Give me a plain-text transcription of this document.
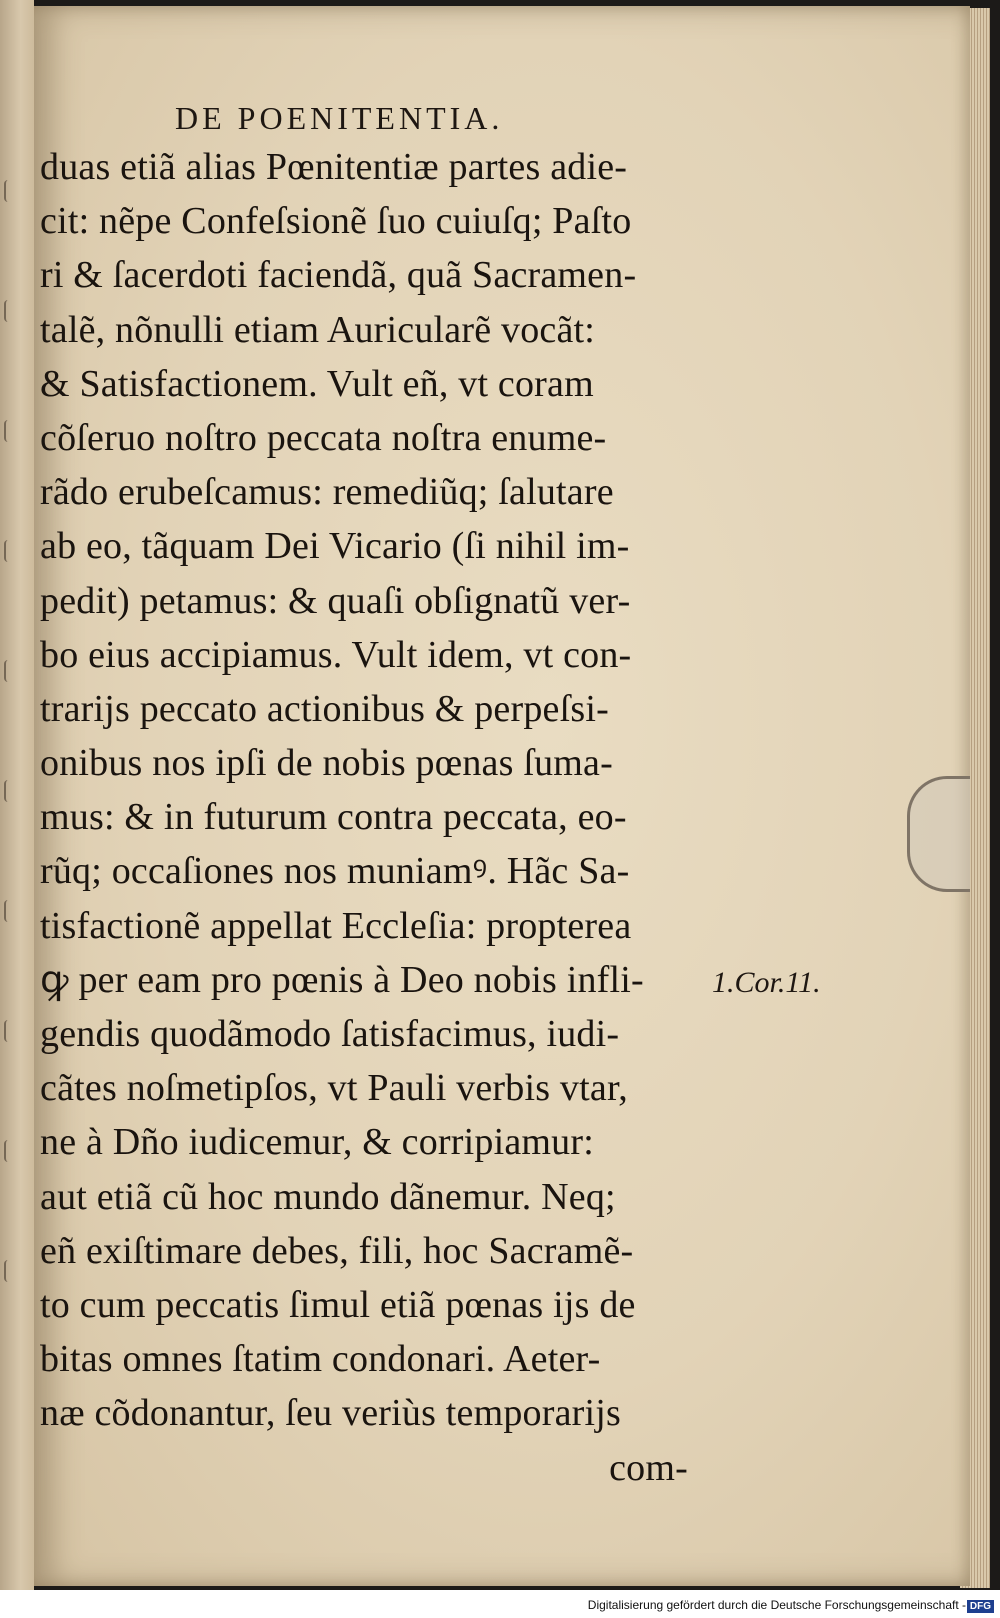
DE POENITENTIA.
duas etiã alias Pœnitentiæ partes adie-
cit: nẽpe Confeſsionẽ ſuo cuiuſq; Paſto
ri & ſacerdoti faciendã, quã Sacramen-
talẽ, nõnulli etiam Auricularẽ vocãt:
& Satisfactionem. Vult eñ, vt coram
cõſeruo noſtro peccata noſtra enume-
rãdo erubeſcamus: remediũq; ſalutare
ab eo, tãquam Dei Vicario (ſi nihil im-
pedit) petamus: & quaſi obſignatũ ver-
bo eius accipiamus. Vult idem, vt con-
trarijs peccato actionibus & perpeſsi-
onibus nos ipſi de nobis pœnas ſuma-
mus: & in futurum contra peccata, eo-
rũq; occaſiones nos muniamꝰ. Hãc Sa-
tisfactionẽ appellat Eccleſia: propterea
ꝙ per eam pro pœnis à Deo nobis infli-
gendis quodãmodo ſatisfacimus, iudi-
cãtes noſmetipſos, vt Pauli verbis vtar,
ne à Dño iudicemur, & corripiamur:
aut etiã cũ hoc mundo dãnemur. Neq;
eñ exiſtimare debes, fili, hoc Sacramẽ-
to cum peccatis ſimul etiã pœnas ijs de
bitas omnes ſtatim condonari. Aeter-
næ cõdonantur, ſeu veriùs temporarijs
com-
1.Cor.11.
Digitalisierung gefördert durch die Deutsche Forschungsgemeinschaft - DFG
